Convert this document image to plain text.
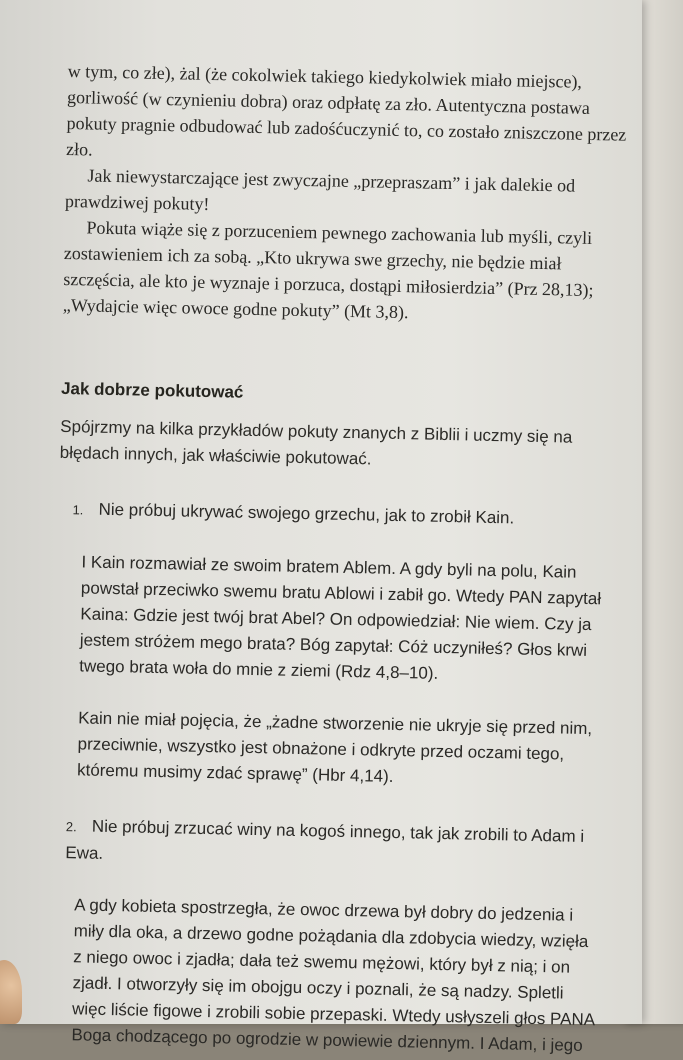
w tym, co złe), żal (że cokolwiek takiego kiedykolwiek miało miejsce), gorliwość (w czynieniu dobra) oraz odpłatę za zło. Autentyczna postawa pokuty pragnie odbudować lub zadośćuczynić to, co zostało zniszczone przez zło.

Jak niewystarczające jest zwyczajne „przepraszam” i jak dalekie od prawdziwej pokuty!

Pokuta wiąże się z porzuceniem pewnego zachowania lub myśli, czyli zostawieniem ich za sobą. „Kto ukrywa swe grzechy, nie będzie miał szczęścia, ale kto je wyznaje i porzuca, dostąpi miłosierdzia” (Prz 28,13); „Wydajcie więc owoce godne pokuty” (Mt 3,8).

Jak dobrze pokutować

Spójrzmy na kilka przykładów pokuty znanych z Biblii i uczmy się na błędach innych, jak właściwie pokutować.

1. Nie próbuj ukrywać swojego grzechu, jak to zrobił Kain.

I Kain rozmawiał ze swoim bratem Ablem. A gdy byli na polu, Kain powstał przeciwko swemu bratu Ablowi i zabił go. Wtedy PAN zapytał Kaina: Gdzie jest twój brat Abel? On odpowiedział: Nie wiem. Czy ja jestem stróżem mego brata? Bóg zapytał: Cóż uczyniłeś? Głos krwi twego brata woła do mnie z ziemi (Rdz 4,8–10).

Kain nie miał pojęcia, że „żadne stworzenie nie ukryje się przed nim, przeciwnie, wszystko jest obnażone i odkryte przed oczami tego, któremu musimy zdać sprawę” (Hbr 4,14).

2. Nie próbuj zrzucać winy na kogoś innego, tak jak zrobili to Adam i Ewa.

A gdy kobieta spostrzegła, że owoc drzewa był dobry do jedzenia i miły dla oka, a drzewo godne pożądania dla zdobycia wiedzy, wzięła z niego owoc i zjadła; dała też swemu mężowi, który był z nią; i on zjadł. I otworzyły się im obojgu oczy i poznali, że są nadzy. Spletli więc liście figowe i zrobili sobie przepaski. Wtedy usłyszeli głos PANA Boga chodzącego po ogrodzie w powiewie dziennym. I Adam, i jego
